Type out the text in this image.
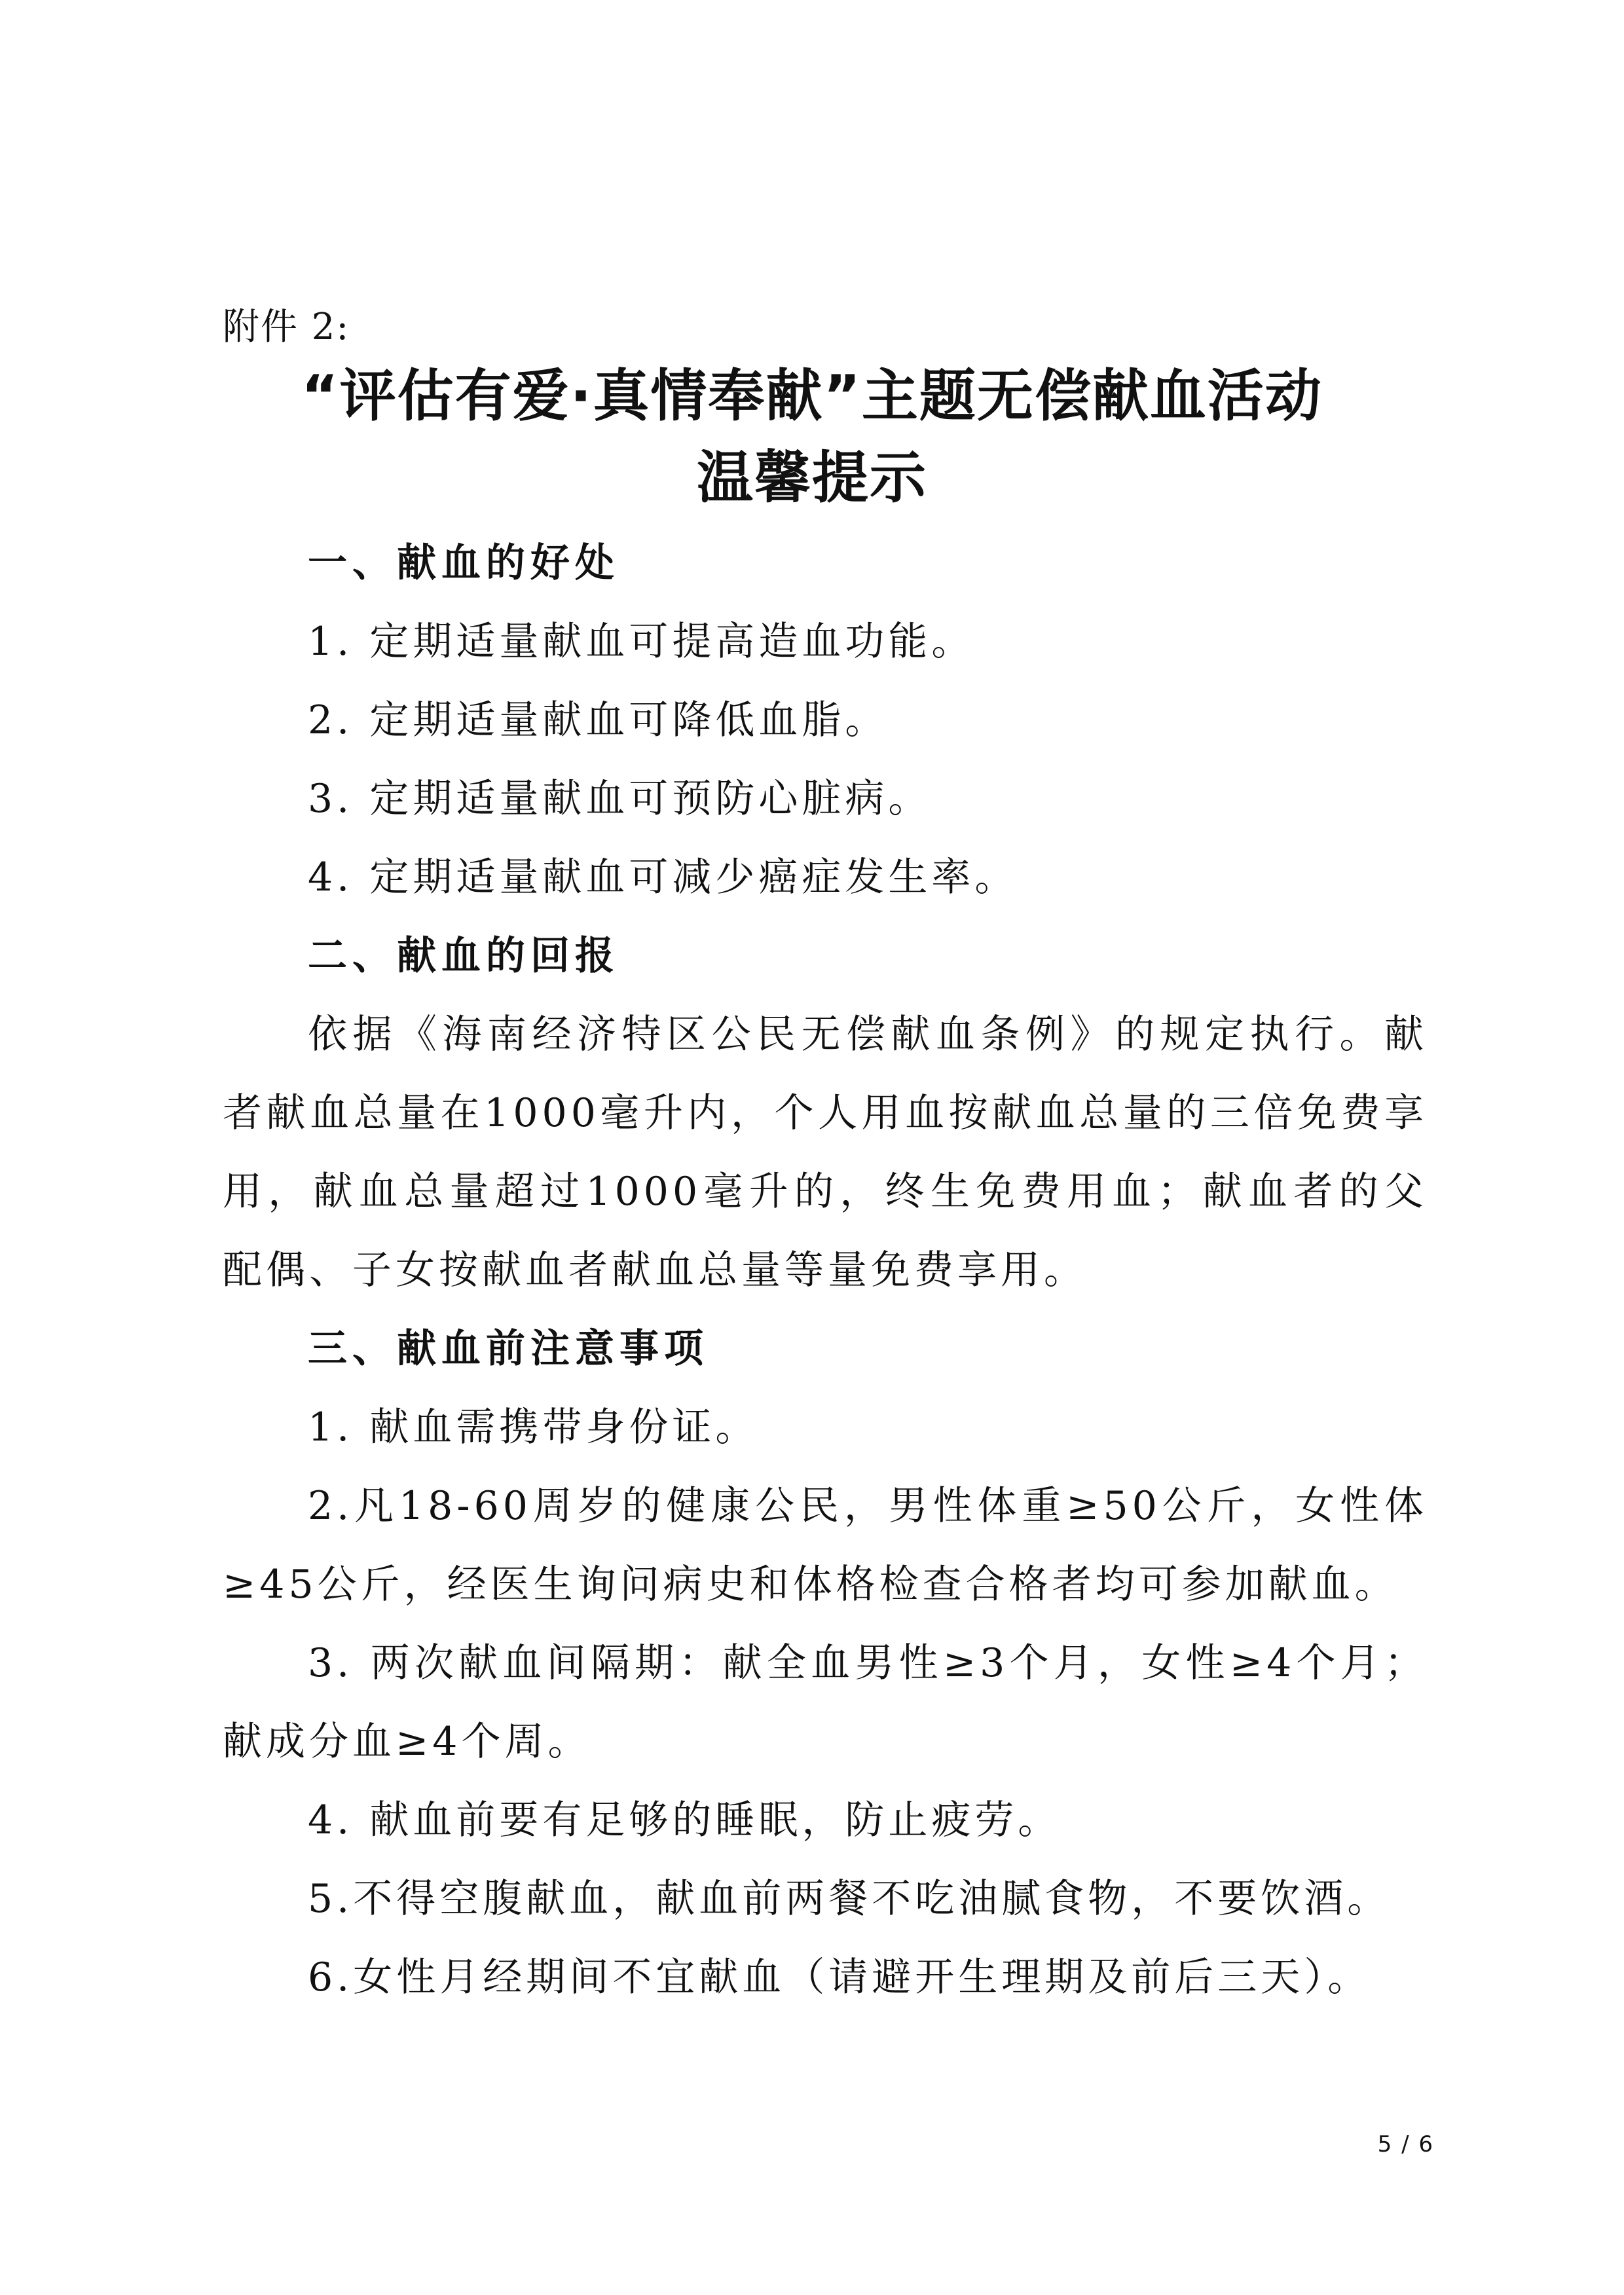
附件 2:
“评估有爱·真情奉献”主题无偿献血活动
温馨提示
一、献血的好处
1. 定期适量献血可提高造血功能。
2. 定期适量献血可降低血脂。
3. 定期适量献血可预防心脏病。
4. 定期适量献血可减少癌症发生率。
二、献血的回报
依据《海南经济特区公民无偿献血条例》的规定执行。献
者献血总量在1000毫升内，个人用血按献血总量的三倍免费享
用，献血总量超过1000毫升的，终生免费用血；献血者的父
配偶、子女按献血者献血总量等量免费享用。
三、献血前注意事项
1. 献血需携带身份证。
2.凡18-60周岁的健康公民，男性体重≥50公斤，女性体
≥45公斤，经医生询问病史和体格检查合格者均可参加献血。
3. 两次献血间隔期：献全血男性≥3个月，女性≥4个月；
献成分血≥4个周。
4. 献血前要有足够的睡眠，防止疲劳。
5.不得空腹献血，献血前两餐不吃油腻食物，不要饮酒。
6.女性月经期间不宜献血（请避开生理期及前后三天）。
5 / 6
